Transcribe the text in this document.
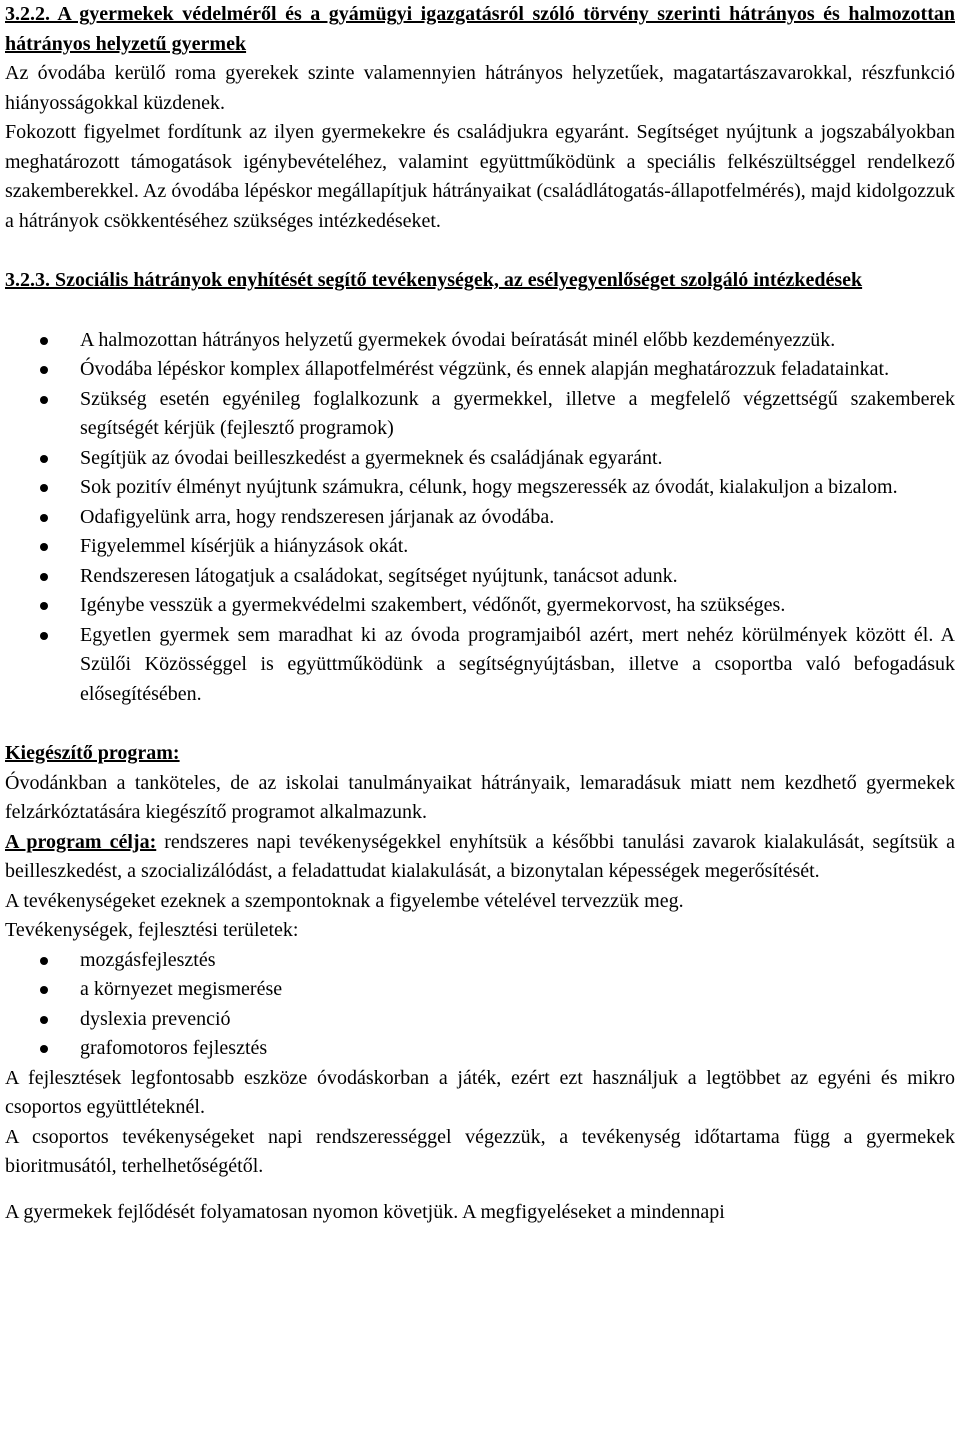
3.2.2. A gyermekek védelméről és a gyámügyi igazgatásról szóló törvény szerinti hátrányos és halmozottan hátrányos helyzetű gyermek

Az óvodába kerülő roma gyerekek szinte valamennyien hátrányos helyzetűek, magatartászavarokkal, részfunkció hiányosságokkal küzdenek.

Fokozott figyelmet fordítunk az ilyen gyermekekre és családjukra egyaránt. Segítséget nyújtunk a jogszabályokban meghatározott támogatások igénybevételéhez, valamint együttműködünk a speciális felkészültséggel rendelkező szakemberekkel. Az óvodába lépéskor megállapítjuk hátrányaikat (családlátogatás-állapotfelmérés), majd kidolgozzuk a hátrányok csökkentéséhez szükséges intézkedéseket.

3.2.3. Szociális hátrányok enyhítését segítő tevékenységek, az esélyegyenlőséget szolgáló intézkedések

A halmozottan hátrányos helyzetű gyermekek óvodai beíratását minél előbb kezdeményezzük.
Óvodába lépéskor komplex állapotfelmérést végzünk, és ennek alapján meghatározzuk feladatainkat.
Szükség esetén egyénileg foglalkozunk a gyermekkel, illetve a megfelelő végzettségű szakemberek segítségét kérjük (fejlesztő programok)
Segítjük az óvodai beilleszkedést a gyermeknek és családjának egyaránt.
Sok pozitív élményt nyújtunk számukra, célunk, hogy megszeressék az óvodát, kialakuljon a bizalom.
Odafigyelünk arra, hogy rendszeresen járjanak az óvodába.
Figyelemmel kísérjük a hiányzások okát.
Rendszeresen látogatjuk a családokat, segítséget nyújtunk, tanácsot adunk.
Igénybe vesszük a gyermekvédelmi szakembert, védőnőt, gyermekorvost, ha szükséges.
Egyetlen gyermek sem maradhat ki az óvoda programjaiból azért, mert nehéz körülmények között él. A Szülői Közösséggel is együttműködünk a segítségnyújtásban, illetve a csoportba való befogadásuk elősegítésében.

Kiegészítő program:

Óvodánkban a tanköteles, de az iskolai tanulmányaikat hátrányaik, lemaradásuk miatt nem kezdhető gyermekek felzárkóztatására kiegészítő programot alkalmazunk.

A program célja: rendszeres napi tevékenységekkel enyhítsük a későbbi tanulási zavarok kialakulását, segítsük a beilleszkedést, a szocializálódást, a feladattudat kialakulását, a bizonytalan képességek megerősítését.

A tevékenységeket ezeknek a szempontoknak a figyelembe vételével tervezzük meg.

Tevékenységek, fejlesztési területek:

mozgásfejlesztés
a környezet megismerése
dyslexia prevenció
grafomotoros fejlesztés

A fejlesztések legfontosabb eszköze óvodáskorban a játék, ezért ezt használjuk a legtöbbet az egyéni és mikro csoportos együttléteknél.

A csoportos tevékenységeket napi rendszerességgel végezzük, a tevékenység időtartama függ a gyermekek bioritmusától, terhelhetőségétől.

A gyermekek fejlődését folyamatosan nyomon követjük. A megfigyeléseket a mindennapi
